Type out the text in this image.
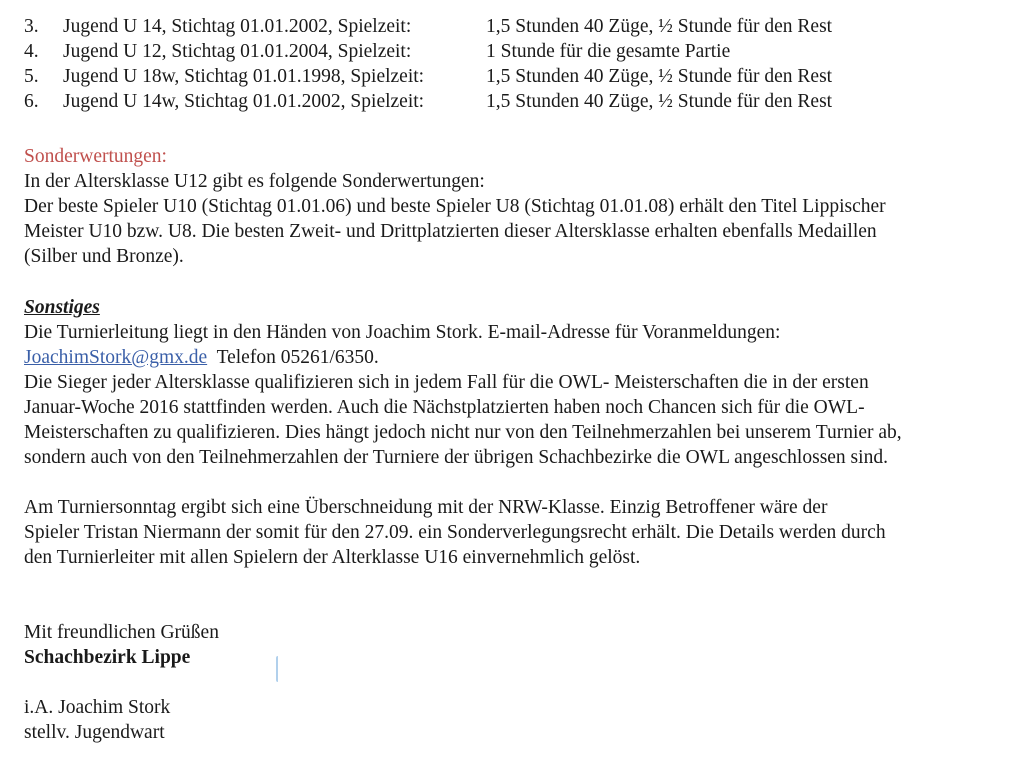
3. Jugend U 14, Stichtag 01.01.2002, Spielzeit:	1,5 Stunden 40 Züge, ½ Stunde für den Rest
4. Jugend U 12, Stichtag 01.01.2004, Spielzeit:	1 Stunde für die gesamte Partie
5. Jugend U 18w, Stichtag 01.01.1998, Spielzeit:	1,5 Stunden 40 Züge, ½ Stunde für den Rest
6. Jugend U 14w, Stichtag 01.01.2002, Spielzeit:	1,5 Stunden 40 Züge, ½ Stunde für den Rest
Sonderwertungen:
In der Altersklasse U12 gibt es folgende Sonderwertungen:
Der beste Spieler U10 (Stichtag 01.01.06) und beste Spieler U8 (Stichtag 01.01.08) erhält den Titel Lippischer
Meister U10 bzw. U8. Die besten Zweit- und Drittplatzierten dieser Altersklasse erhalten ebenfalls Medaillen
(Silber und Bronze).
Sonstiges
Die Turnierleitung liegt in den Händen von Joachim Stork. E-mail-Adresse für Voranmeldungen:
JoachimStork@gmx.de Telefon 05261/6350.
Die Sieger jeder Altersklasse qualifizieren sich in jedem Fall für die OWL- Meisterschaften die in der ersten
Januar-Woche 2016 stattfinden werden. Auch die Nächstplatzierten haben noch Chancen sich für die OWL-
Meisterschaften zu qualifizieren. Dies hängt jedoch nicht nur von den Teilnehmerzahlen bei unserem Turnier ab,
sondern auch von den Teilnehmerzahlen der Turniere der übrigen Schachbezirke die OWL angeschlossen sind.
Am Turniersonntag ergibt sich eine Überschneidung mit der NRW-Klasse. Einzig Betroffener wäre der
Spieler Tristan Niermann der somit für den 27.09. ein Sonderverlegungsrecht erhält. Die Details werden durch
den Turnierleiter mit allen Spielern der Alterklasse U16 einvernehmlich gelöst.
Mit freundlichen Grüßen
Schachbezirk Lippe
i.A. Joachim Stork
stellv. Jugendwart
